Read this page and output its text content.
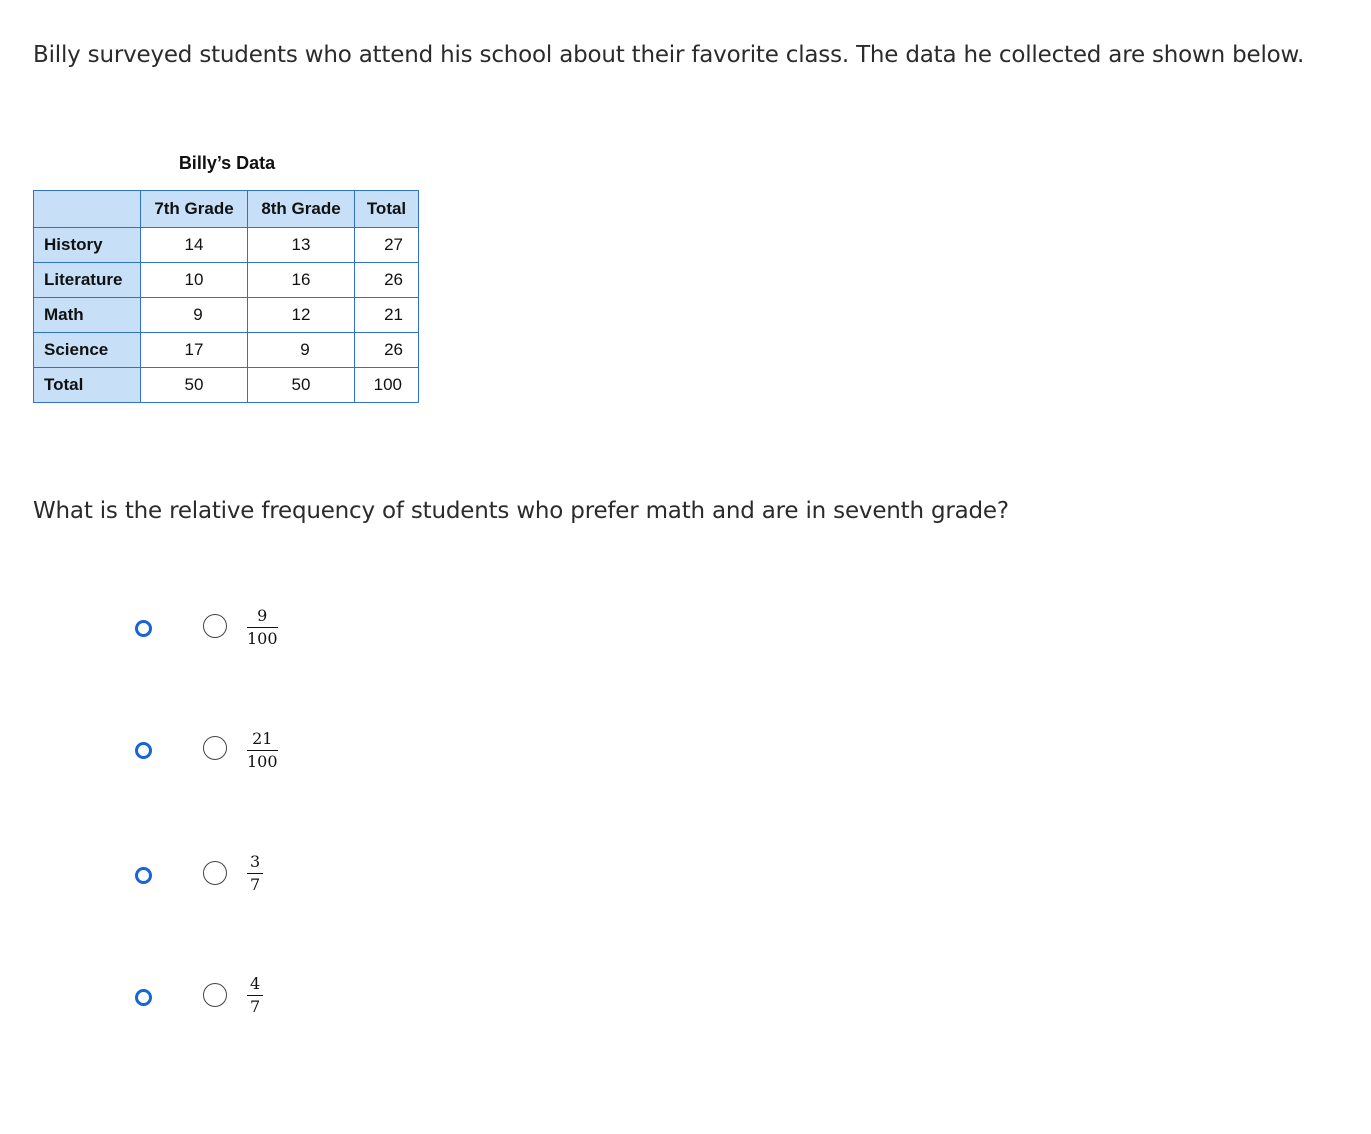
Billy surveyed students who attend his school about their favorite class. The data he collected are shown below.
Billy’s Data
	7th Grade	8th Grade	Total
History	14	13	27
Literature	10	16	26
Math	9	12	21
Science	17	9	26
Total	50	50	100
What is the relative frequency of students who prefer math and are in seventh grade?
$\frac{9}{100}$
$\frac{21}{100}$
$\frac{3}{7}$
$\frac{4}{7}$
